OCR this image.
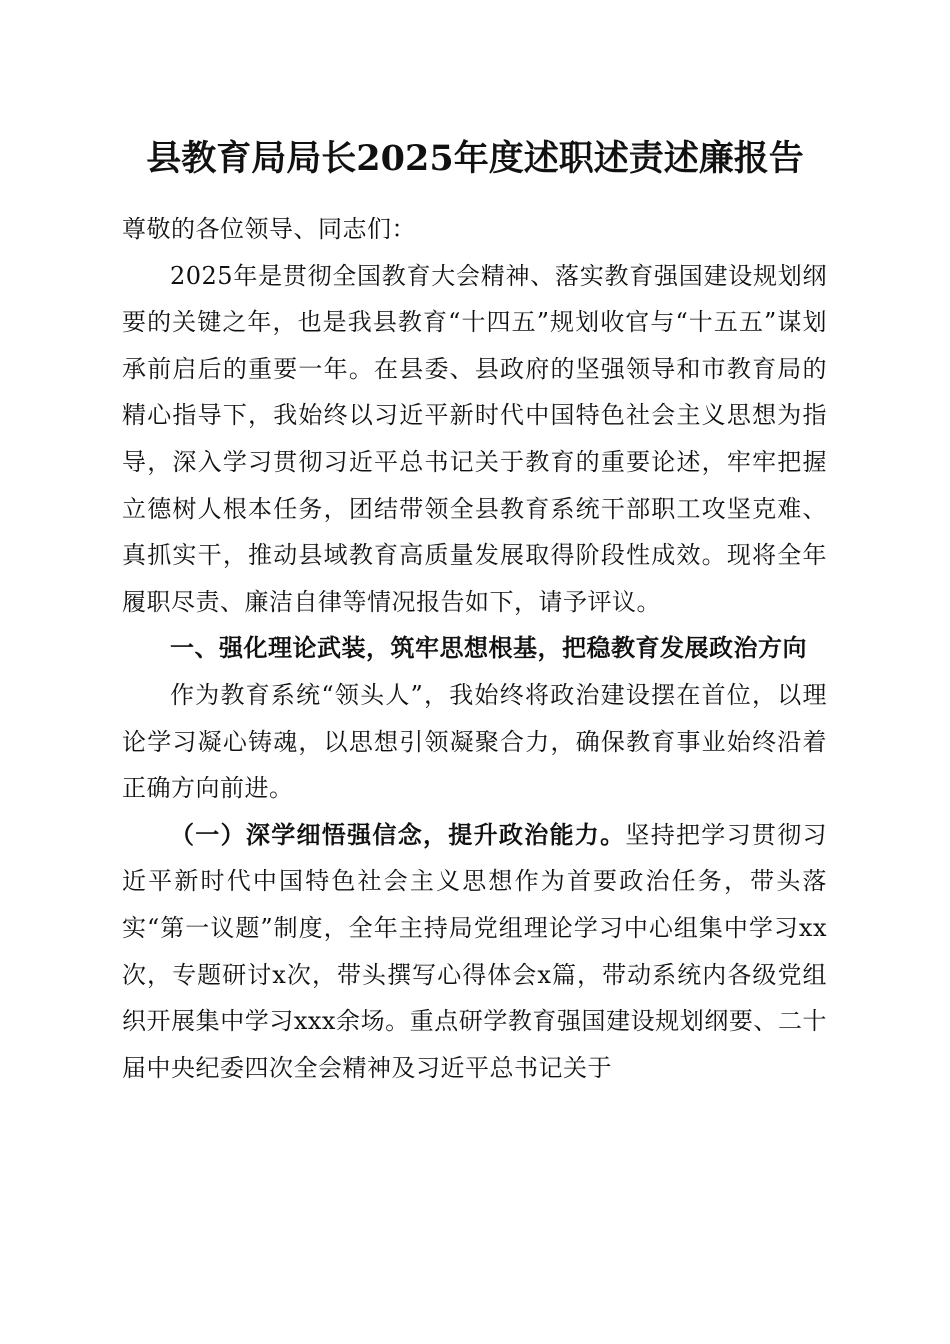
县教育局局长2025年度述职述责述廉报告

尊敬的各位领导、同志们：

2025年是贯彻全国教育大会精神、落实教育强国建设规划纲要的关键之年，也是我县教育“十四五”规划收官与“十五五”谋划承前启后的重要一年。在县委、县政府的坚强领导和市教育局的精心指导下，我始终以习近平新时代中国特色社会主义思想为指导，深入学习贯彻习近平总书记关于教育的重要论述，牢牢把握立德树人根本任务，团结带领全县教育系统干部职工攻坚克难、真抓实干，推动县域教育高质量发展取得阶段性成效。现将全年履职尽责、廉洁自律等情况报告如下，请予评议。

一、强化理论武装，筑牢思想根基，把稳教育发展政治方向

作为教育系统“领头人”，我始终将政治建设摆在首位，以理论学习凝心铸魂，以思想引领凝聚合力，确保教育事业始终沿着正确方向前进。

（一）深学细悟强信念，提升政治能力。坚持把学习贯彻习近平新时代中国特色社会主义思想作为首要政治任务，带头落实“第一议题”制度，全年主持局党组理论学习中心组集中学习xx次，专题研讨x次，带头撰写心得体会x篇，带动系统内各级党组织开展集中学习xxx余场。重点研学教育强国建设规划纲要、二十届中央纪委四次全会精神及习近平总书记关于
